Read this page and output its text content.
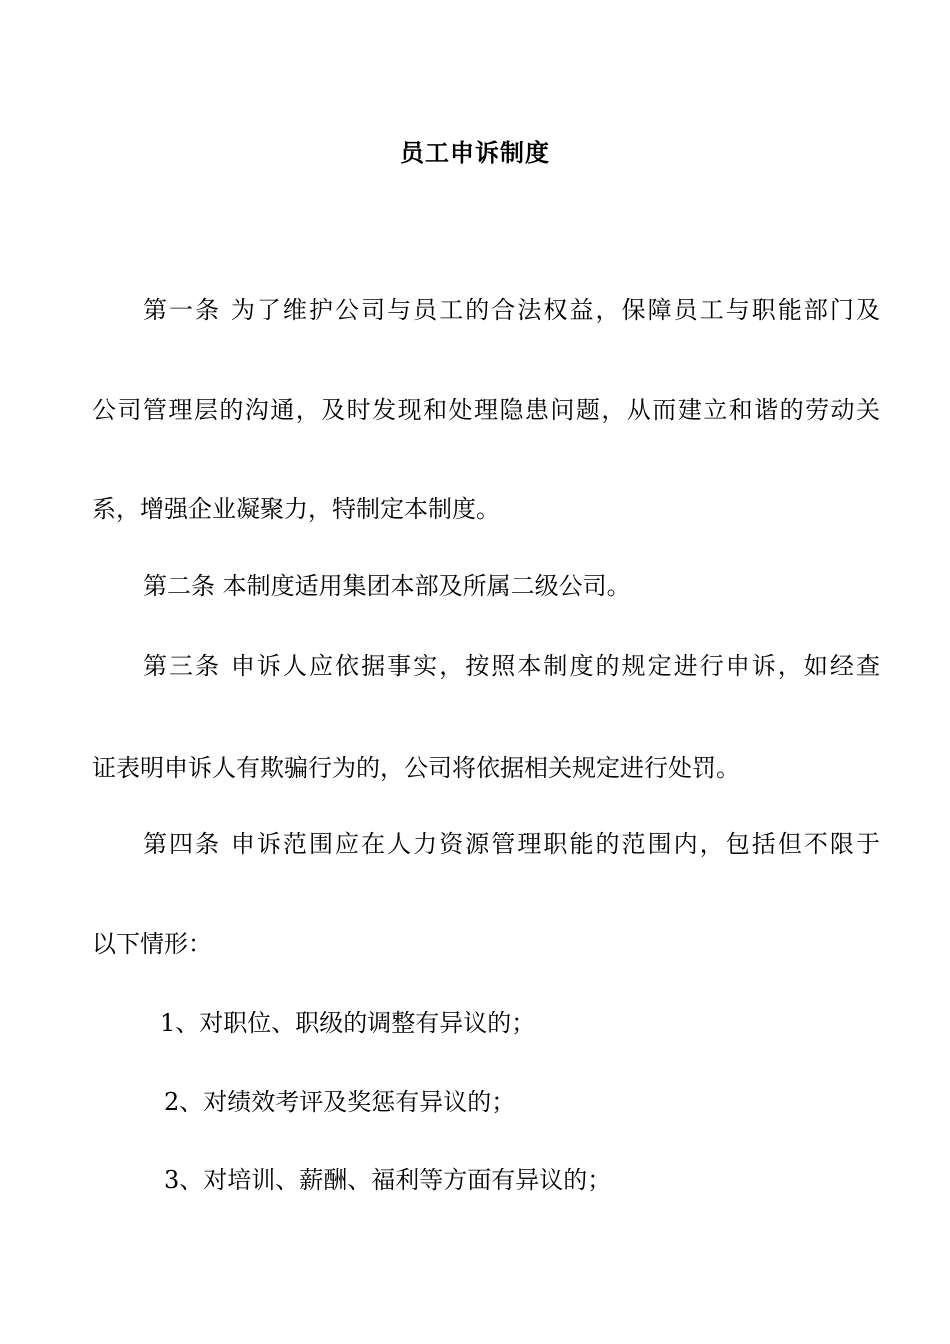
员工申诉制度
第一条 为了维护公司与员工的合法权益，保障员工与职能部门及
公司管理层的沟通，及时发现和处理隐患问题，从而建立和谐的劳动关
系，增强企业凝聚力，特制定本制度。
第二条 本制度适用集团本部及所属二级公司。
第三条 申诉人应依据事实，按照本制度的规定进行申诉，如经查
证表明申诉人有欺骗行为的，公司将依据相关规定进行处罚。
第四条 申诉范围应在人力资源管理职能的范围内，包括但不限于
以下情形：
1、对职位、职级的调整有异议的；
2、对绩效考评及奖惩有异议的；
3、对培训、薪酬、福利等方面有异议的；
